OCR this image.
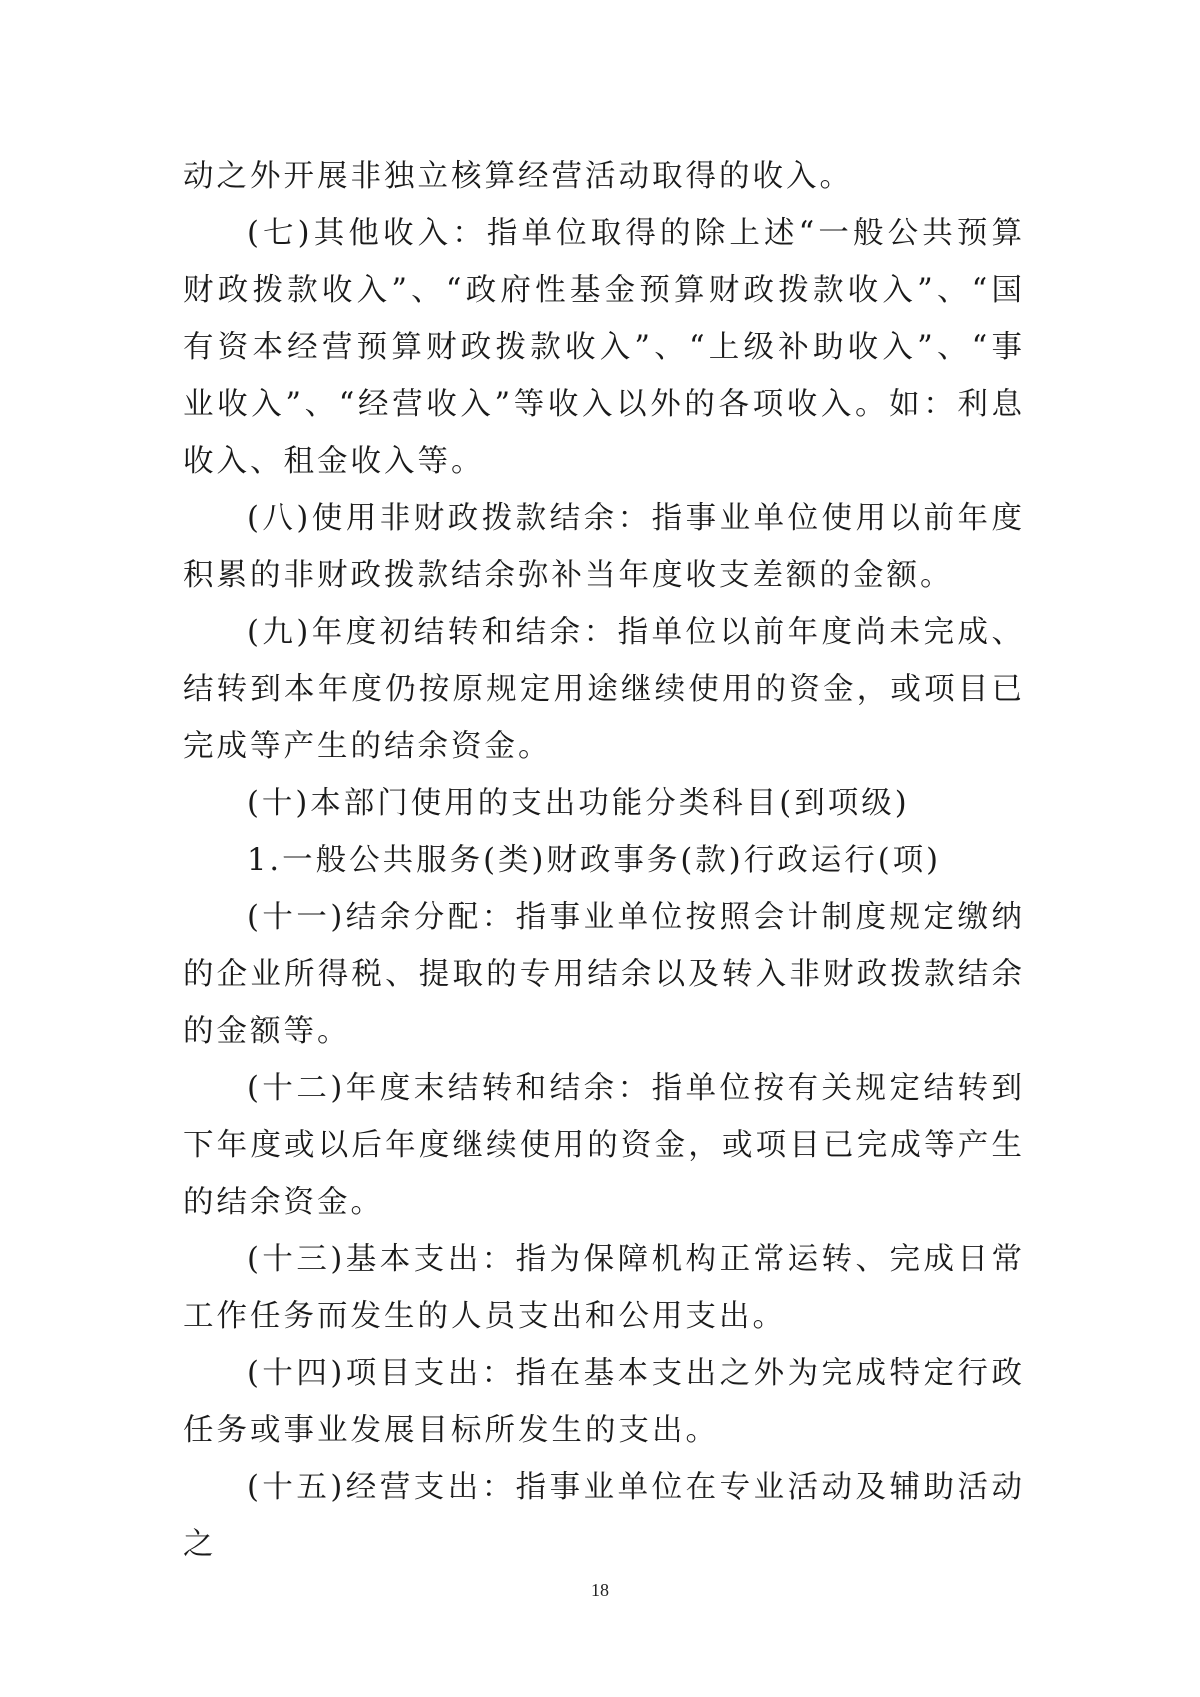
动之外开展非独立核算经营活动取得的收入。

(七)其他收入：指单位取得的除上述“一般公共预算财政拨款收入”、“政府性基金预算财政拨款收入”、“国有资本经营预算财政拨款收入”、“上级补助收入”、“事业收入”、“经营收入”等收入以外的各项收入。如：利息收入、租金收入等。

(八)使用非财政拨款结余：指事业单位使用以前年度积累的非财政拨款结余弥补当年度收支差额的金额。

(九)年度初结转和结余：指单位以前年度尚未完成、结转到本年度仍按原规定用途继续使用的资金，或项目已完成等产生的结余资金。

(十)本部门使用的支出功能分类科目(到项级)

1.一般公共服务(类)财政事务(款)行政运行(项)

(十一)结余分配：指事业单位按照会计制度规定缴纳的企业所得税、提取的专用结余以及转入非财政拨款结余的金额等。

(十二)年度末结转和结余：指单位按有关规定结转到下年度或以后年度继续使用的资金，或项目已完成等产生的结余资金。

(十三)基本支出：指为保障机构正常运转、完成日常工作任务而发生的人员支出和公用支出。

(十四)项目支出：指在基本支出之外为完成特定行政任务或事业发展目标所发生的支出。

(十五)经营支出：指事业单位在专业活动及辅助活动之

18
